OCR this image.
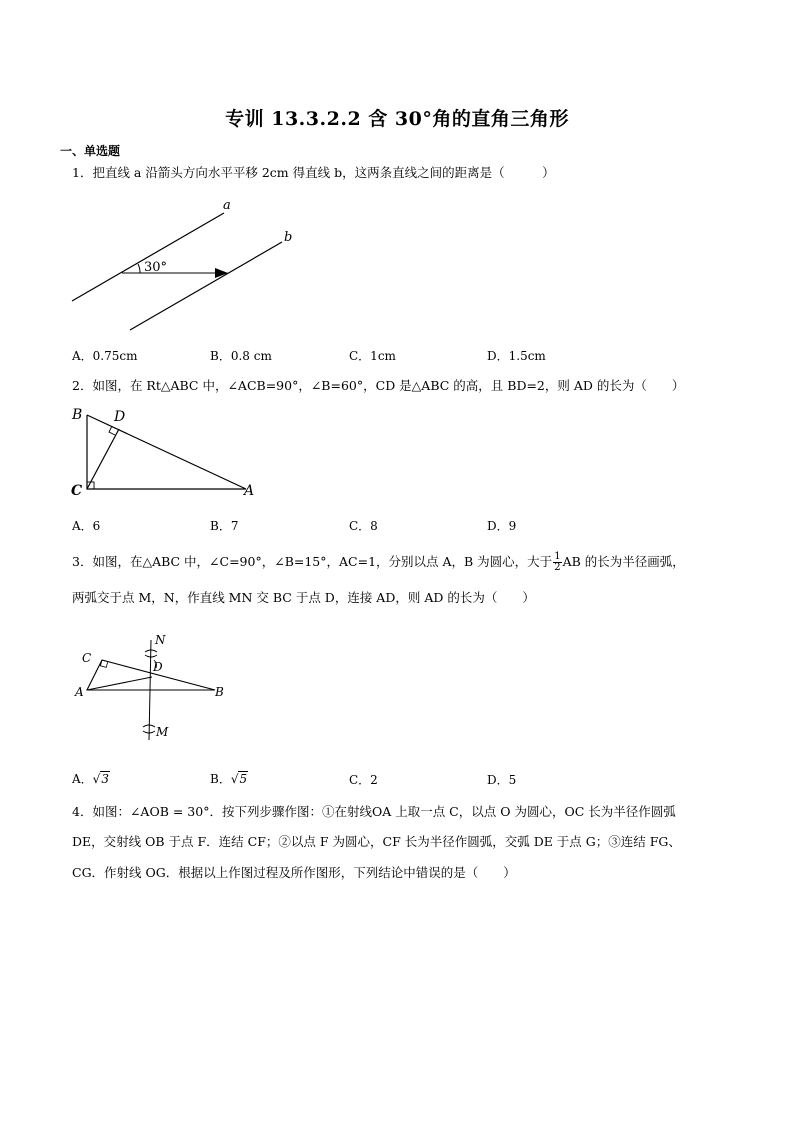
专训 13.3.2.2 含 30°角的直角三角形
一、单选题
1．把直线 a 沿箭头方向水平平移 2cm 得直线 b，这两条直线之间的距离是（　　　）
30°
a
b
A．0.75cm	B．0.8 cm	C．1cm	D．1.5cm
2．如图，在 Rt△ABC 中，∠ACB=90°，∠B=60°，CD 是△ABC 的高，且 BD=2，则 AD 的长为（　　）
B D
C	A
A．6	B．7	C．8	D．9
3．如图，在△ABC 中，∠C=90°，∠B=15°，AC=1，分别以点 A，B 为圆心，大于 $\frac{1}{2}$ AB 的长为半径画弧，
两弧交于点 M，N，作直线 MN 交 BC 于点 D，连接 AD，则 AD 的长为（　　）
C
D
A	B
N
M
A．√3	B．√5	C．2	D．5
4．如图：∠AOB = 30°．按下列步骤作图：①在射线OA 上取一点 C，以点 O 为圆心，OC 长为半径作圆弧
DE，交射线 OB 于点 F．连结 CF；②以点 F 为圆心，CF 长为半径作圆弧，交弧 DE 于点 G；③连结 FG、
CG．作射线 OG．根据以上作图过程及所作图形，下列结论中错误的是（　　）
